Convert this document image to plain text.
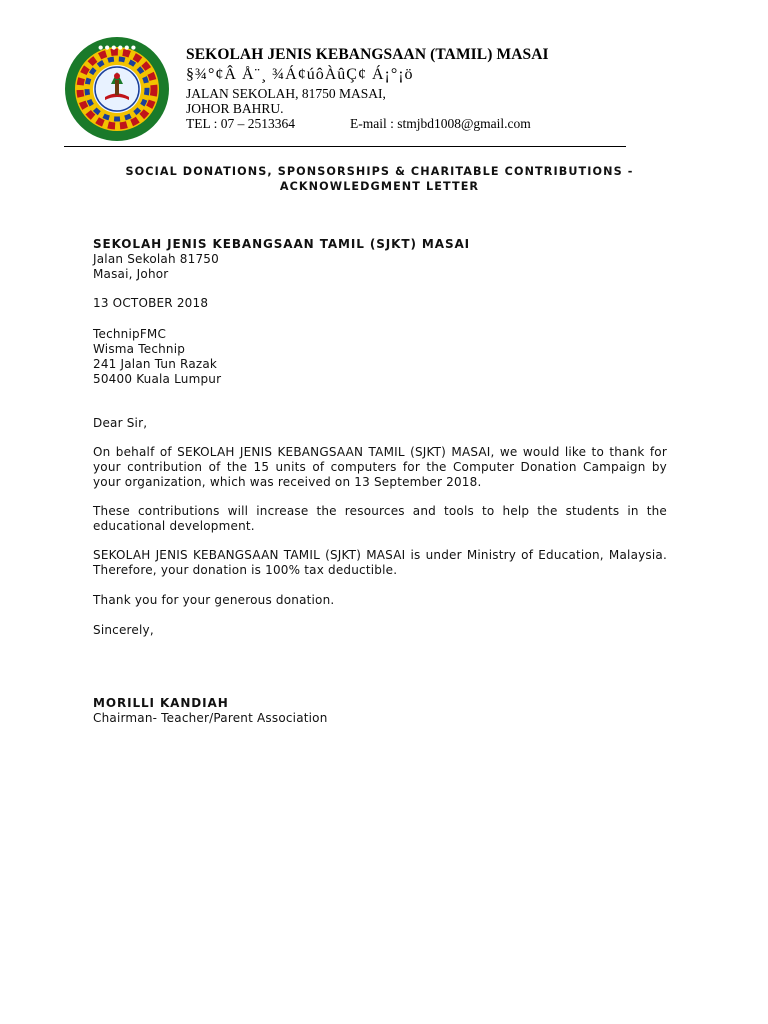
● ● ● ● ● ●	SEKOLAH JENIS KEBANGSAAN (TAMIL) MASAI
§¾°¢Â Å¨¸ ¾Á¢úôÀûÇ¢ Á¡°¡ö
JALAN SEKOLAH, 81750 MASAI,
JOHOR BAHRU.
TEL : 07 – 2513364	E-mail : stmjbd1008@gmail.com
SOCIAL DONATIONS, SPONSORSHIPS & CHARITABLE CONTRIBUTIONS -
ACKNOWLEDGMENT LETTER
SEKOLAH JENIS KEBANGSAAN TAMIL (SJKT) MASAI
Jalan Sekolah 81750
Masai, Johor
13 OCTOBER 2018
TechnipFMC
Wisma Technip
241 Jalan Tun Razak
50400 Kuala Lumpur
Dear Sir,
On behalf of SEKOLAH JENIS KEBANGSAAN TAMIL (SJKT) MASAI, we would like to thank for your contribution of the 15 units of computers for the Computer Donation Campaign by your organization, which was received on 13 September 2018.
These contributions will increase the resources and tools to help the students in the educational development.
SEKOLAH JENIS KEBANGSAAN TAMIL (SJKT) MASAI is under Ministry of Education, Malaysia. Therefore, your donation is 100% tax deductible.
Thank you for your generous donation.
Sincerely,
MORILLI KANDIAH
Chairman- Teacher/Parent Association
